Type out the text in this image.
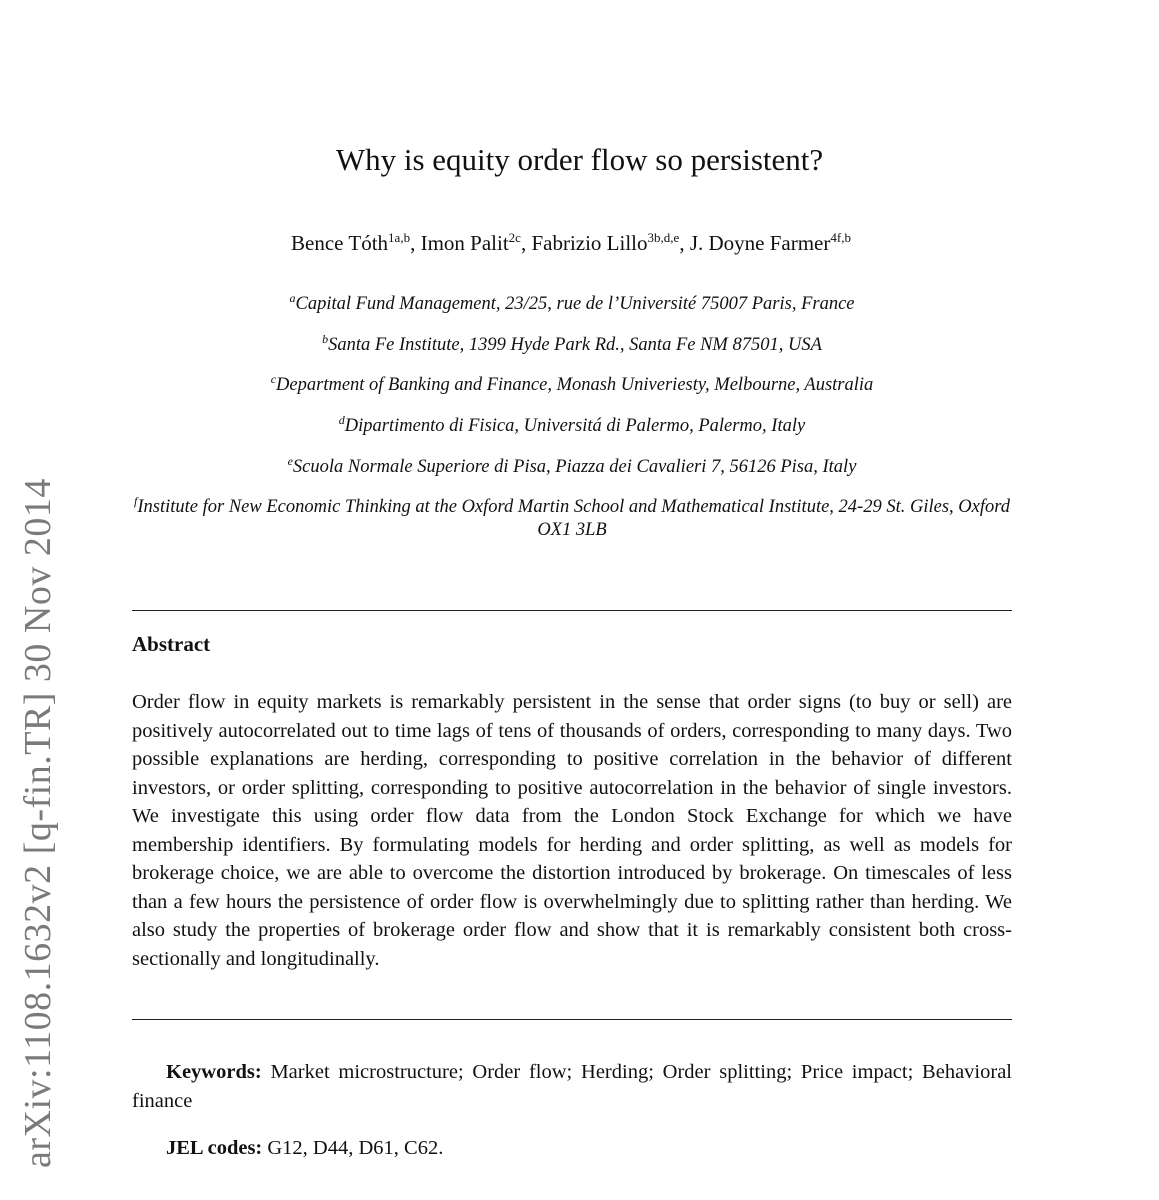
arXiv:1108.1632v2 [q-fin.TR] 30 Nov 2014
Why is equity order flow so persistent?
Bence Tóth$^{1a,b}$, Imon Palit$^{2c}$, Fabrizio Lillo$^{3b,d,e}$, J. Doyne Farmer$^{4f,b}$
$^a$Capital Fund Management, 23/25, rue de l’Université 75007 Paris, France
$^b$Santa Fe Institute, 1399 Hyde Park Rd., Santa Fe NM 87501, USA
$^c$Department of Banking and Finance, Monash Univeriesty, Melbourne, Australia
$^d$Dipartimento di Fisica, Universitá di Palermo, Palermo, Italy
$^e$Scuola Normale Superiore di Pisa, Piazza dei Cavalieri 7, 56126 Pisa, Italy
$^f$Institute for New Economic Thinking at the Oxford Martin School and Mathematical Institute, 24-29 St. Giles, Oxford OX1 3LB
Abstract

Order flow in equity markets is remarkably persistent in the sense that order signs (to buy or sell) are positively autocorrelated out to time lags of tens of thousands of orders, corresponding to many days. Two possible explanations are herding, corresponding to positive correlation in the behavior of different investors, or order splitting, corresponding to positive autocorrelation in the behavior of single investors. We investigate this using order flow data from the London Stock Exchange for which we have membership identifiers. By formulating models for herding and order splitting, as well as models for brokerage choice, we are able to overcome the distortion introduced by brokerage. On timescales of less than a few hours the persistence of order flow is overwhelmingly due to splitting rather than herding. We also study the properties of brokerage order flow and show that it is remarkably consistent both cross-sectionally and longitudinally.

Keywords: Market microstructure; Order flow; Herding; Order splitting; Price impact; Behavioral finance

JEL codes: G12, D44, D61, C62.
